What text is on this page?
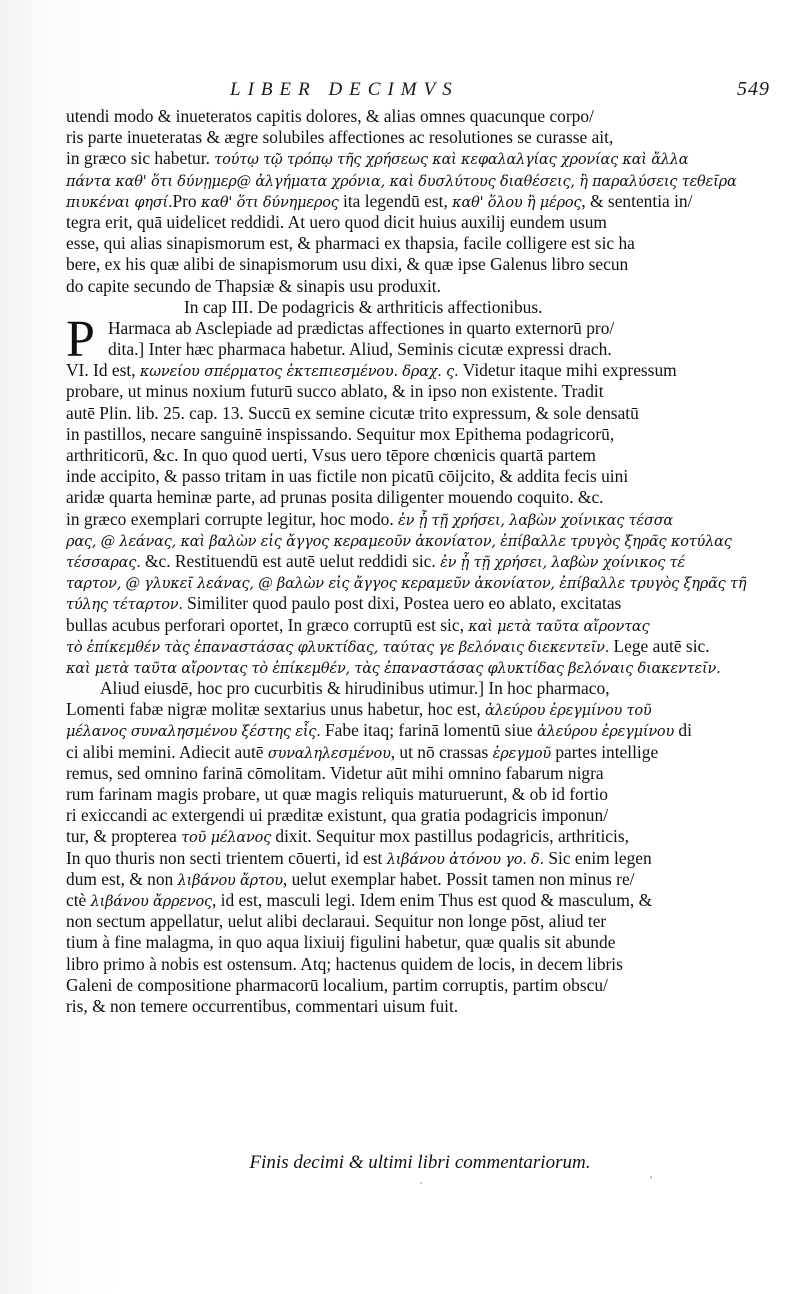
LIBER DECIMVS	549
utendi modo & inueteratos capitis dolores, & alias omnes quacunque corpo/
ris parte inueteratas & ægre solubiles affectiones ac resolutiones se curasse ait,
in græco sic habetur. τούτῳ τῷ τρόπῳ τῆς χρήσεως καὶ κεφαλαλγίας χρονίας καὶ ἄλλα
πάντα καθ' ὅτι δύνῃμερ@ ἀλγήματα χρόνια, καὶ δυσλύτους διαθέσεις, ἢ παραλύσεις τεθεῖρα
πιυκέναι φησί.Pro καθ' ὅτι δύνημερος ita legendū est, καθ' ὅλου ἢ μέρος, & sententia in/
tegra erit, quā uidelicet reddidi. At uero quod dicit huius auxilij eundem usum
esse, qui alias sinapismorum est, & pharmaci ex thapsia, facile colligere est sic ha
bere, ex his quæ alibi de sinapismorum usu dixi, & quæ ipse Galenus libro secun
do capite secundo de Thapsiæ & sinapis usu produxit.
In cap III. De podagricis & arthriticis affectionibus.
P Harmaca ab Asclepiade ad prædictas affectiones in quarto externorū pro/
dita.] Inter hæc pharmaca habetur. Aliud, Seminis cicutæ expressi drach.
VI. Id est, κωνείου σπέρματος ἐκτεπιεσμένου. δραχ. ς. Videtur itaque mihi expressum
probare, ut minus noxium futurū succo ablato, & in ipso non existente. Tradit
autē Plin. lib. 25. cap. 13. Succū ex semine cicutæ trito expressum, & sole densatū
in pastillos, necare sanguinē inspissando. Sequitur mox Epithema podagricorū,
arthriticorū, &c. In quo quod uerti, Vsus uero tēpore chœnicis quartā partem
inde accipito, & passo tritam in uas fictile non picatū cōijcito, & addita fecis uini
aridæ quarta heminæ parte, ad prunas posita diligenter mouendo coquito. &c.
in græco exemplari corrupte legitur, hoc modo. ἐν ᾗ τῇ χρήσει, λαβὼν χοίνικας τέσσα
ρας, @ λεάνας, καὶ βαλὼν εἰς ἄγγος κεραμεοῦν ἀκονίατον, ἐπίβαλλε τρυγὸς ξηρᾶς κοτύλας
τέσσαρας. &c. Restituendū est autē uelut reddidi sic. ἐν ᾗ τῇ χρήσει, λαβὼν χοίνικος τέ
ταρτον, @ γλυκεῖ λεάνας, @ βαλὼν εἰς ἄγγος κεραμεῦν ἀκονίατον, ἐπίβαλλε τρυγὸς ξηρᾶς τῆ
τύλης τέταρτον. Similiter quod paulo post dixi, Postea uero eo ablato, excitatas
bullas acubus perforari oportet, In græco corruptū est sic, καὶ μετὰ ταῦτα αἴροντας
τὸ ἐπίκεμθέν τὰς ἐπαναστάσας φλυκτίδας, ταύτας γε βελόναις διεκεντεῖν. Lege autē sic.
καὶ μετὰ ταῦτα αἴροντας τὸ ἐπίκεμθέν, τὰς ἐπαναστάσας φλυκτίδας βελόναις διακεντεῖν.
Aliud eiusdē, hoc pro cucurbitis & hirudinibus utimur.] In hoc pharmaco,
Lomenti fabæ nigræ molitæ sextarius unus habetur, hoc est, ἀλεύρου ἐρεγμίνου τοῦ
μέλανος συναλησμένου ξέστης εἷς. Fabe itaq; farinā lomentū siue ἀλεύρου ἐρεγμίνου di
ci alibi memini. Adiecit autē συναληλεσμένου, ut nō crassas ἐρεγμοῦ partes intellige
remus, sed omnino farinā cōmolitam. Videtur aūt mihi omnino fabarum nigra
rum farinam magis probare, ut quæ magis reliquis maturuerunt, & ob id fortio
ri exiccandi ac extergendi ui præditæ existunt, qua gratia podagricis imponun/
tur, & propterea τοῦ μέλανος dixit. Sequitur mox pastillus podagricis, arthriticis,
In quo thuris non secti trientem cōuerti, id est λιβάνου ἀτόνου γο. δ. Sic enim legen
dum est, & non λιβάνου ἄρτου, uelut exemplar habet. Possit tamen non minus re/
ctè λιβάνου ἄρρενος, id est, masculi legi. Idem enim Thus est quod & masculum, &
non sectum appellatur, uelut alibi declaraui. Sequitur non longe pōst, aliud ter
tium à fine malagma, in quo aqua lixiuij figulini habetur, quæ qualis sit abunde
libro primo à nobis est ostensum. Atq; hactenus quidem de locis, in decem libris
Galeni de compositione pharmacorū localium, partim corruptis, partim obscu/
ris, & non temere occurrentibus, commentari uisum fuit.
Finis decimi & ultimi libri commentariorum.
